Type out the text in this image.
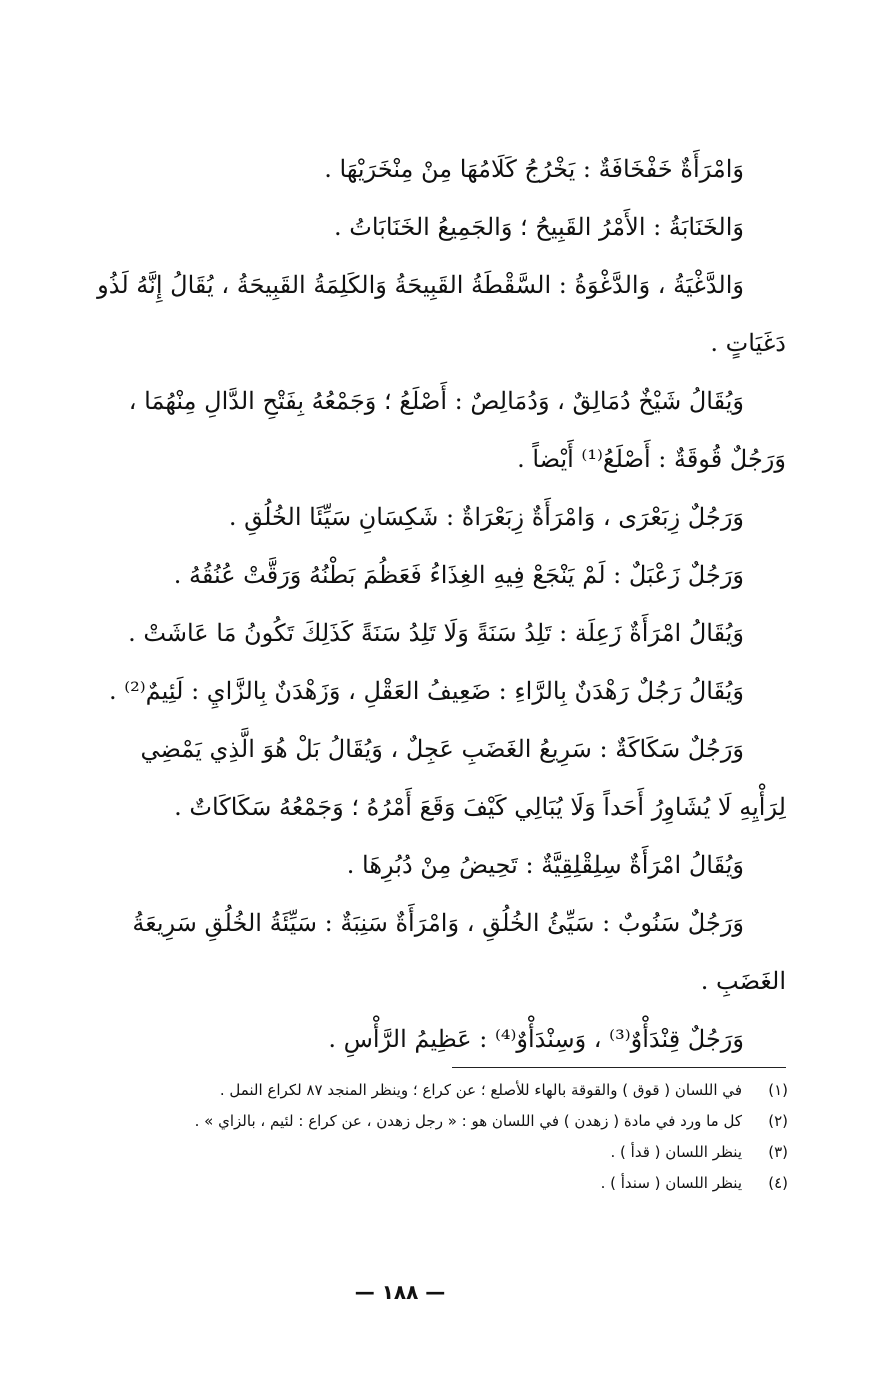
وَامْرَأَةٌ خَفْخَافَةٌ : يَخْرُجُ كَلَامُهَا مِنْ مِنْخَرَيْهَا .
وَالخَنَابَةُ : الأَمْرُ القَبِيحُ ؛ وَالجَمِيعُ الخَنَابَاتُ .
وَالدَّغْيَةُ ، وَالدَّغْوَةُ : السَّقْطَةُ القَبِيحَةُ وَالكَلِمَةُ القَبِيحَةُ ، يُقَالُ إِنَّهُ لَذُو
دَغَيَاتٍ .
وَيُقَالُ شَيْخٌ دُمَالِقٌ ، وَدُمَالِصٌ : أَصْلَعُ ؛ وَجَمْعُهُ بِفَتْحِ الدَّالِ مِنْهُمَا ،
وَرَجُلٌ قُوقَةٌ : أَصْلَعُ⁽¹⁾ أَيْضاً .
وَرَجُلٌ زِبَعْرَى ، وَامْرَأَةٌ زِبَعْرَاةٌ : شَكِسَانِ سَيِّئَا الخُلُقِ .
وَرَجُلٌ زَعْبَلٌ : لَمْ يَنْجَعْ فِيهِ الغِذَاءُ فَعَظُمَ بَطْنُهُ وَرَقَّتْ عُنُقُهُ .
وَيُقَالُ امْرَأَةٌ زَعِلَة : تَلِدُ سَنَةً وَلَا تَلِدُ سَنَةً كَذَلِكَ تَكُونُ مَا عَاشَتْ .
وَيُقَالُ رَجُلٌ رَهْدَنٌ بِالرَّاءِ : ضَعِيفُ العَقْلِ ، وَزَهْدَنٌ بِالزَّايِ : لَئِيمٌ⁽²⁾ .
وَرَجُلٌ سَكَاكَةٌ : سَرِيعُ الغَضَبِ عَجِلٌ ، وَيُقَالُ بَلْ هُوَ الَّذِي يَمْضِي
لِرَأْيِهِ لَا يُشَاوِرُ أَحَداً وَلَا يُبَالِي كَيْفَ وَقَعَ أَمْرُهُ ؛ وَجَمْعُهُ سَكَاكَاتٌ .
وَيُقَالُ امْرَأَةٌ سِلِقْلِقِيَّةٌ : تَحِيضُ مِنْ دُبُرِهَا .
وَرَجُلٌ سَنُوبٌ : سَيِّئُ الخُلُقِ ، وَامْرَأَةٌ سَنِبَةٌ : سَيِّئَةُ الخُلُقِ سَرِيعَةُ
الغَضَبِ .
وَرَجُلٌ قِنْدَأْوٌ⁽³⁾ ، وَسِنْدَأْوٌ⁽⁴⁾ : عَظِيمُ الرَّأْسِ .
(١)
في اللسان ( قوق ) والقوقة بالهاء للأصلع ؛ عن كراع ؛ وينظر المنجد ٨٧ لكراع النمل .
(٢)
كل ما ورد في مادة ( زهدن ) في اللسان هو : « رجل زهدن ، عن كراع : لئيم ، بالزاي » .
(٣)
ينظر اللسان ( قدأ ) .
(٤)
ينظر اللسان ( سندأ ) .
— ١٨٨ —
